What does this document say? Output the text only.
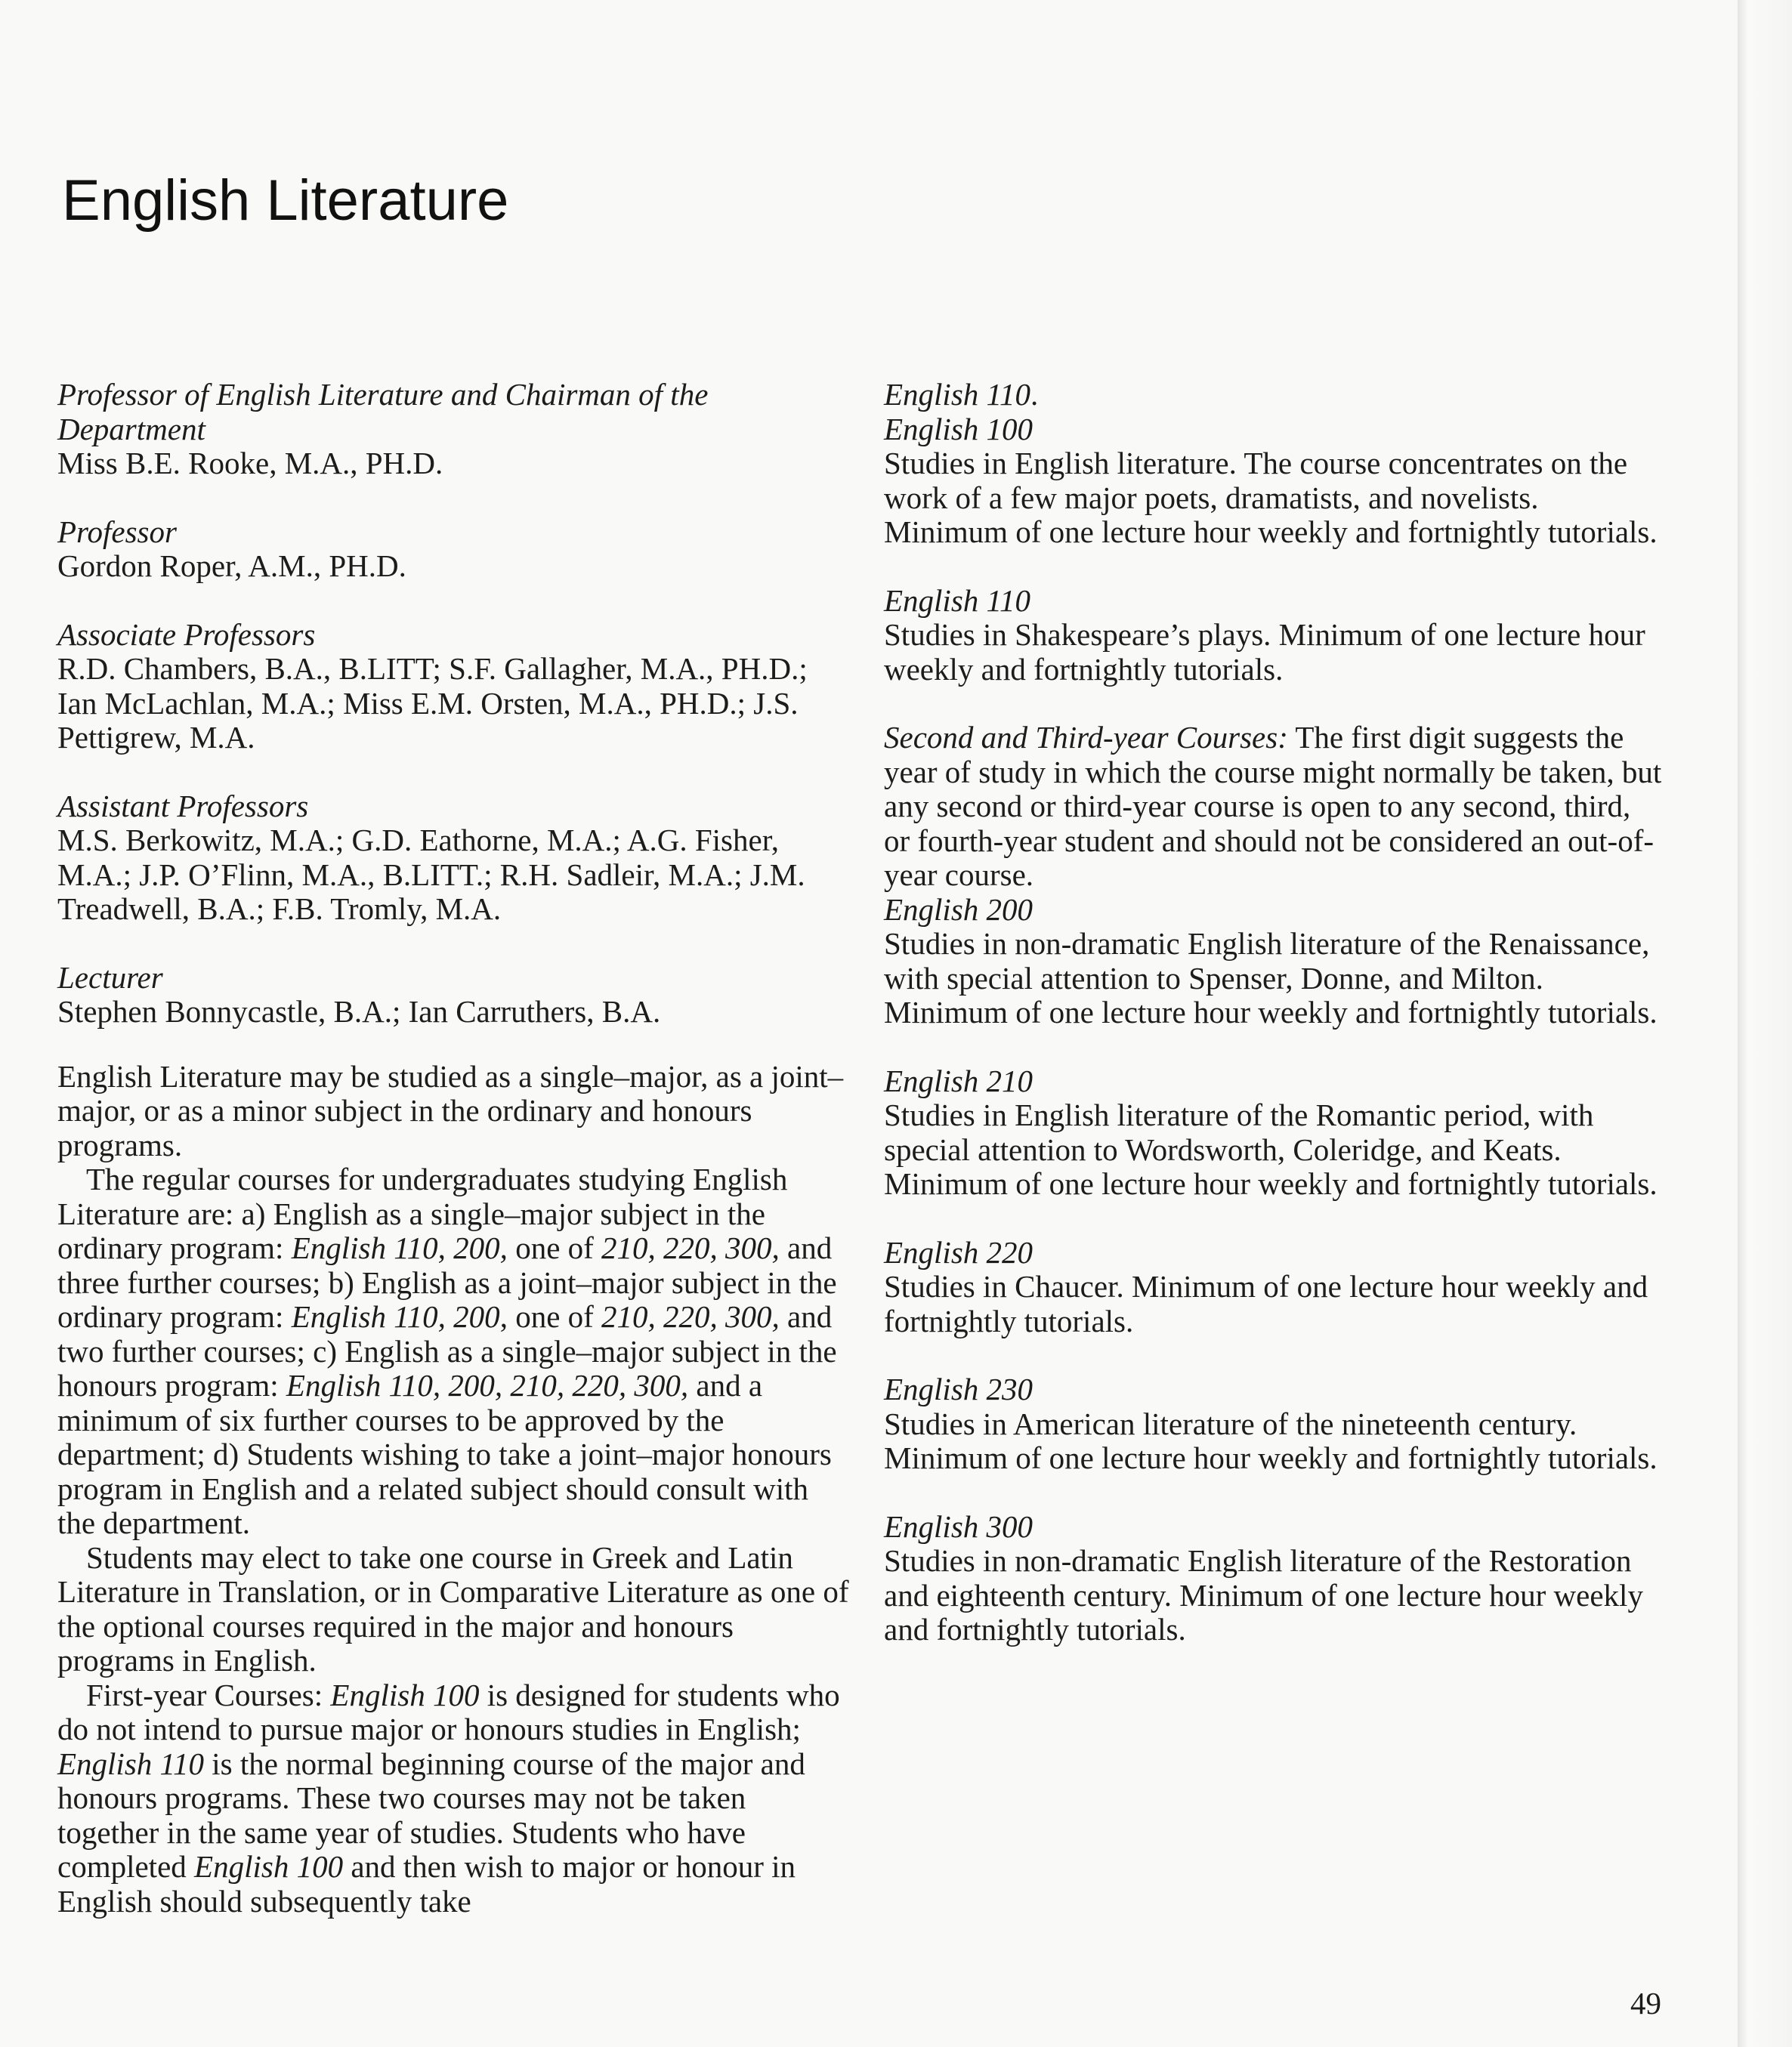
English Literature
Professor of English Literature and Chairman of the Department
Miss B.E. Rooke, M.A., PH.D.
Professor
Gordon Roper, A.M., PH.D.
Associate Professors
R.D. Chambers, B.A., B.LITT; S.F. Gallagher, M.A., PH.D.; Ian McLachlan, M.A.; Miss E.M. Orsten, M.A., PH.D.; J.S. Pettigrew, M.A.
Assistant Professors
M.S. Berkowitz, M.A.; G.D. Eathorne, M.A.; A.G. Fisher, M.A.; J.P. O’Flinn, M.A., B.LITT.; R.H. Sadleir, M.A.; J.M. Treadwell, B.A.; F.B. Tromly, M.A.
Lecturer
Stephen Bonnycastle, B.A.; Ian Carruthers, B.A.

English Literature may be studied as a single–major, as a joint–major, or as a minor subject in the ordinary and honours programs.

The regular courses for undergraduates studying English Literature are: a) English as a single–major subject in the ordinary program: English 110, 200, one of 210, 220, 300, and three further courses; b) English as a joint–major subject in the ordinary program: English 110, 200, one of 210, 220, 300, and two further courses; c) English as a single–major subject in the honours program: English 110, 200, 210, 220, 300, and a minimum of six further courses to be approved by the department; d) Students wishing to take a joint–major honours program in English and a related subject should consult with the department.

Students may elect to take one course in Greek and Latin Literature in Translation, or in Comparative Literature as one of the optional courses required in the major and honours programs in English.

First-year Courses: English 100 is designed for students who do not intend to pursue major or honours studies in English; English 110 is the normal beginning course of the major and honours programs. These two courses may not be taken together in the same year of studies. Students who have completed English 100 and then wish to major or honour in English should subsequently take

English 110.

English 100
Studies in English literature. The course concentrates on the work of a few major poets, dramatists, and novelists. Minimum of one lecture hour weekly and fortnightly tutorials.
English 110
Studies in Shakespeare’s plays. Minimum of one lecture hour weekly and fortnightly tutorials.

Second and Third-year Courses: The first digit suggests the year of study in which the course might normally be taken, but any second or third-year course is open to any second, third, or fourth-year student and should not be considered an out-of-year course.

English 200
Studies in non-dramatic English literature of the Renaissance, with special attention to Spenser, Donne, and Milton. Minimum of one lecture hour weekly and fortnightly tutorials.
English 210
Studies in English literature of the Romantic period, with special attention to Wordsworth, Coleridge, and Keats. Minimum of one lecture hour weekly and fortnightly tutorials.
English 220
Studies in Chaucer. Minimum of one lecture hour weekly and fortnightly tutorials.
English 230
Studies in American literature of the nineteenth century. Minimum of one lecture hour weekly and fortnightly tutorials.
English 300
Studies in non-dramatic English literature of the Restoration and eighteenth century. Minimum of one lecture hour weekly and fortnightly tutorials.
49
